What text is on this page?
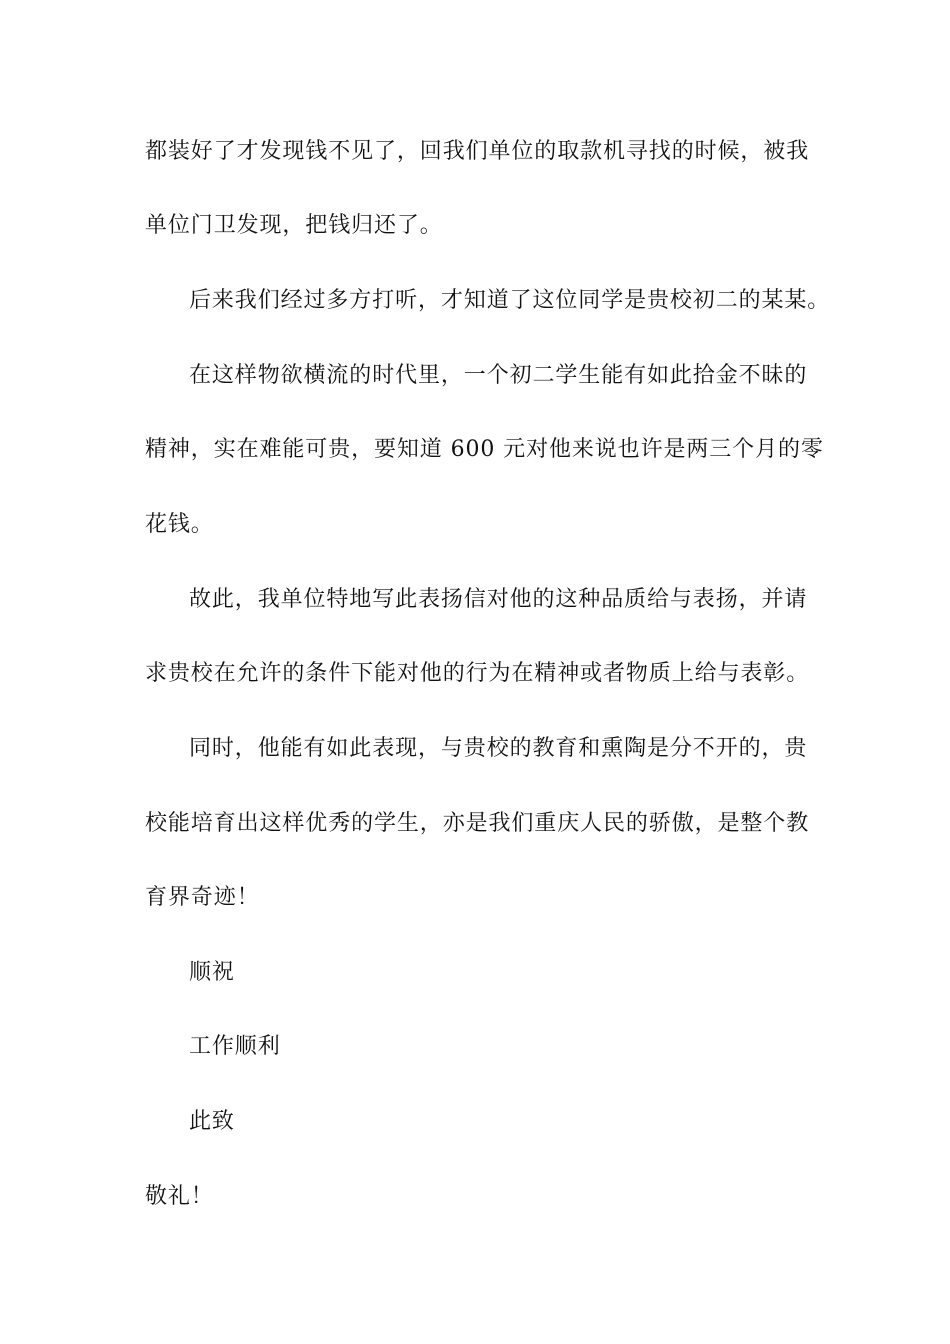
都装好了才发现钱不见了，回我们单位的取款机寻找的时候，被我
单位门卫发现，把钱归还了。
后来我们经过多方打听，才知道了这位同学是贵校初二的某某。
在这样物欲横流的时代里，一个初二学生能有如此拾金不昧的
精神，实在难能可贵，要知道 600 元对他来说也许是两三个月的零
花钱。
故此，我单位特地写此表扬信对他的这种品质给与表扬，并请
求贵校在允许的条件下能对他的行为在精神或者物质上给与表彰。
同时，他能有如此表现，与贵校的教育和熏陶是分不开的，贵
校能培育出这样优秀的学生，亦是我们重庆人民的骄傲，是整个教
育界奇迹！
顺祝
工作顺利
此致
敬礼！
